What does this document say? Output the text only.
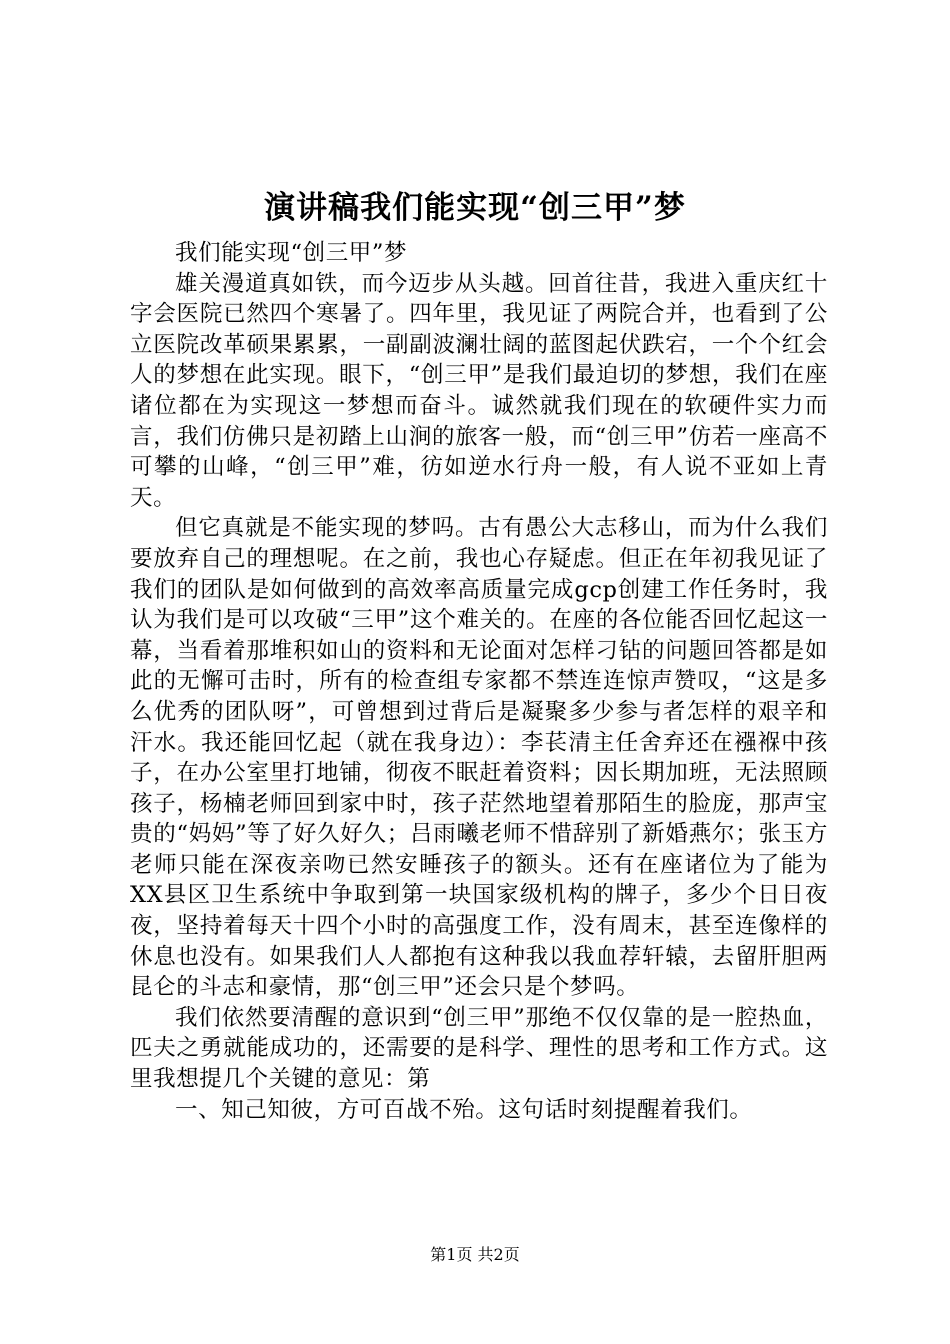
演讲稿我们能实现“创三甲”梦

我们能实现“创三甲”梦

雄关漫道真如铁，而今迈步从头越。回首往昔，我进入重庆红十字会医院已然四个寒暑了。四年里，我见证了两院合并，也看到了公立医院改革硕果累累，一副副波澜壮阔的蓝图起伏跌宕，一个个红会人的梦想在此实现。眼下，“创三甲”是我们最迫切的梦想，我们在座诸位都在为实现这一梦想而奋斗。诚然就我们现在的软硬件实力而言，我们仿佛只是初踏上山涧的旅客一般，而“创三甲”仿若一座高不可攀的山峰，“创三甲”难，彷如逆水行舟一般，有人说不亚如上青天。

但它真就是不能实现的梦吗。古有愚公大志移山，而为什么我们要放弃自己的理想呢。在之前，我也心存疑虑。但正在年初我见证了我们的团队是如何做到的高效率高质量完成gcp创建工作任务时，我认为我们是可以攻破“三甲”这个难关的。在座的各位能否回忆起这一幕，当看着那堆积如山的资料和无论面对怎样刁钻的问题回答都是如此的无懈可击时，所有的检查组专家都不禁连连惊声赞叹，“这是多么优秀的团队呀”，可曾想到过背后是凝聚多少参与者怎样的艰辛和汗水。我还能回忆起（就在我身边）：李苌清主任舍弃还在襁褓中孩子，在办公室里打地铺，彻夜不眠赶着资料；因长期加班，无法照顾孩子，杨楠老师回到家中时，孩子茫然地望着那陌生的脸庞，那声宝贵的“妈妈”等了好久好久；吕雨曦老师不惜辞别了新婚燕尔；张玉方老师只能在深夜亲吻已然安睡孩子的额头。还有在座诸位为了能为XX县区卫生系统中争取到第一块国家级机构的牌子，多少个日日夜夜，坚持着每天十四个小时的高强度工作，没有周末，甚至连像样的休息也没有。如果我们人人都抱有这种我以我血荐轩辕，去留肝胆两昆仑的斗志和豪情，那“创三甲”还会只是个梦吗。

我们依然要清醒的意识到“创三甲”那绝不仅仅靠的是一腔热血，匹夫之勇就能成功的，还需要的是科学、理性的思考和工作方式。这里我想提几个关键的意见：第

一、知己知彼，方可百战不殆。这句话时刻提醒着我们。

第1页 共2页
